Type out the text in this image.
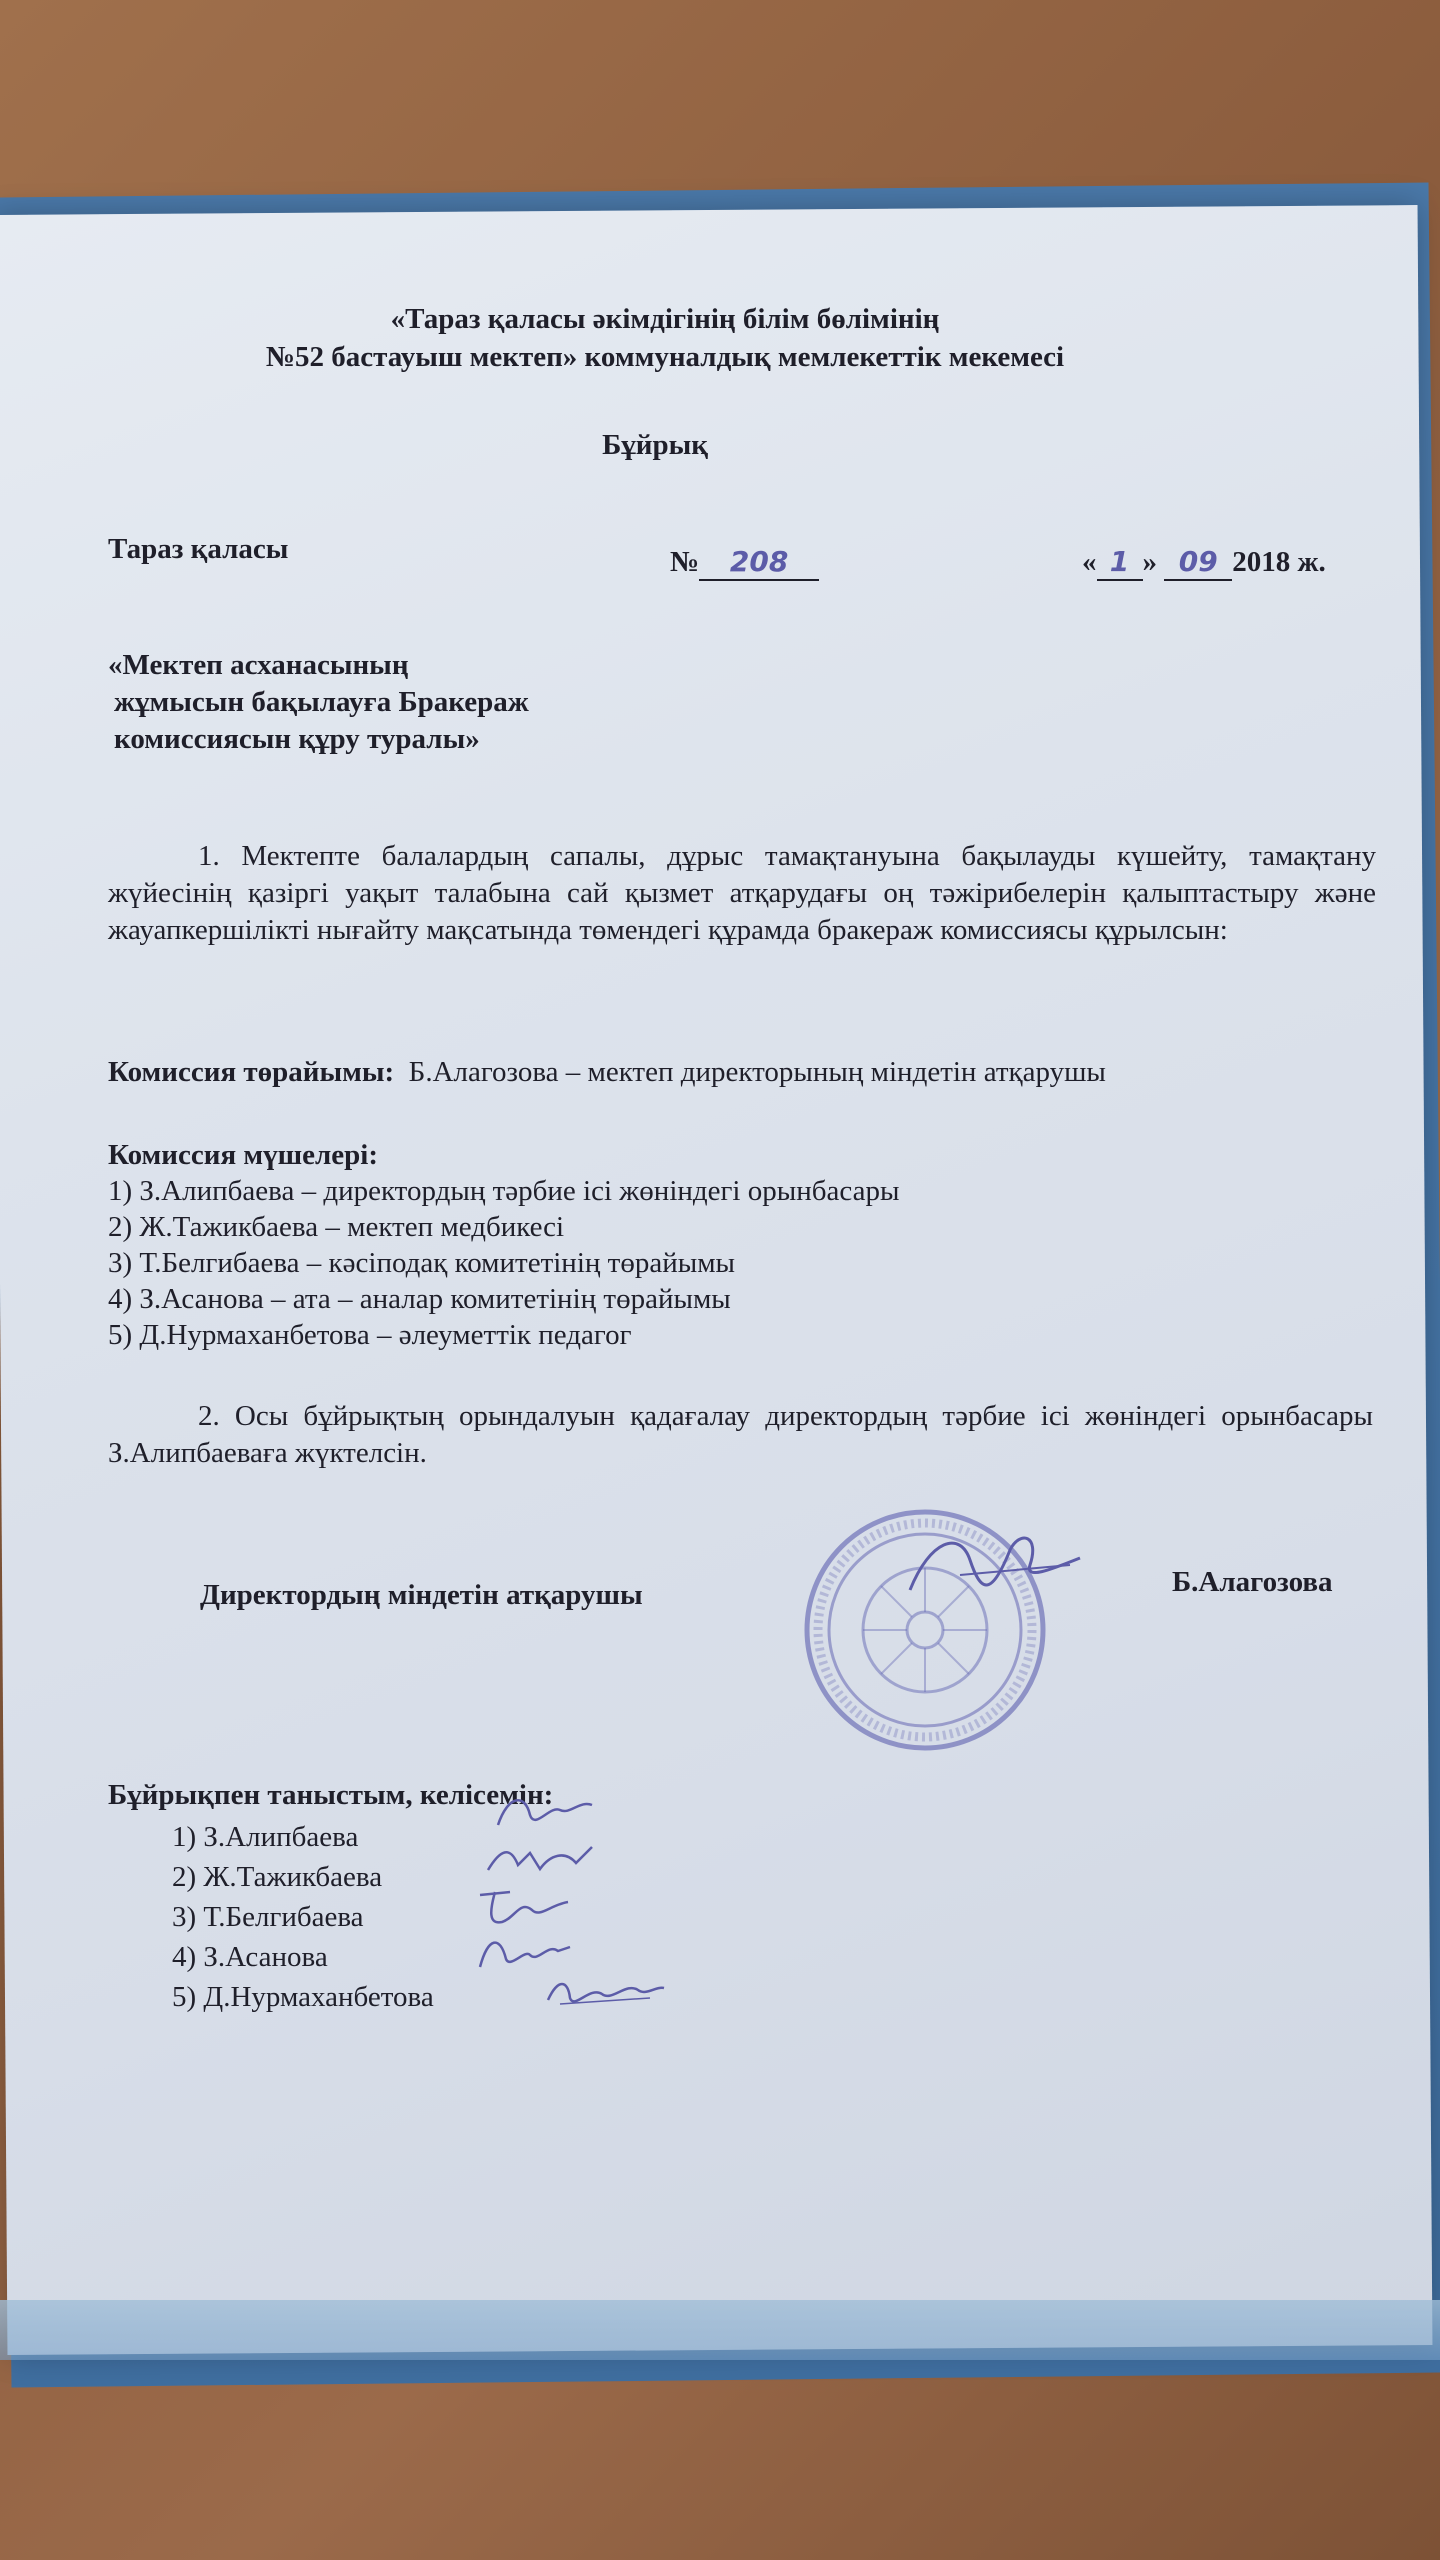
«Тараз қаласы әкімдігінің білім бөлімінің
№52 бастауыш мектеп» коммуналдық мемлекеттік мекемесі
Бұйрық
Тараз қаласы	№ 208	« 1 » 09 2018 ж.
«Мектеп асханасының
жұмысын бақылауға Бракераж
комиссиясын құру туралы»
1. Мектепте балалардың сапалы, дұрыс тамақтануына бақылауды күшейту, тамақтану жүйесінің қазіргі уақыт талабына сай қызмет атқарудағы оң тәжірибелерін қалыптастыру және жауапкершілікті нығайту мақсатында төмендегі құрамда бракераж комиссиясы құрылсын:
Комиссия төрайымы: Б.Алагозова – мектеп директорының міндетін атқарушы
Комиссия мүшелері:
1) З.Алипбаева – директордың тәрбие ісі жөніндегі орынбасары
2) Ж.Тажикбаева – мектеп медбикесі
3) Т.Белгибаева – кәсіподақ комитетінің төрайымы
4) З.Асанова – ата – аналар комитетінің төрайымы
5) Д.Нурмаханбетова – әлеуметтік педагог
2. Осы бұйрықтың орындалуын қадағалау директордың тәрбие ісі жөніндегі орынбасары З.Алипбаеваға жүктелсін.
Директордың міндетін атқарушы	Б.Алагозова
Бұйрықпен таныстым, келісемін:
1) З.Алипбаева
2) Ж.Тажикбаева
3) Т.Белгибаева
4) З.Асанова
5) Д.Нурмаханбетова
